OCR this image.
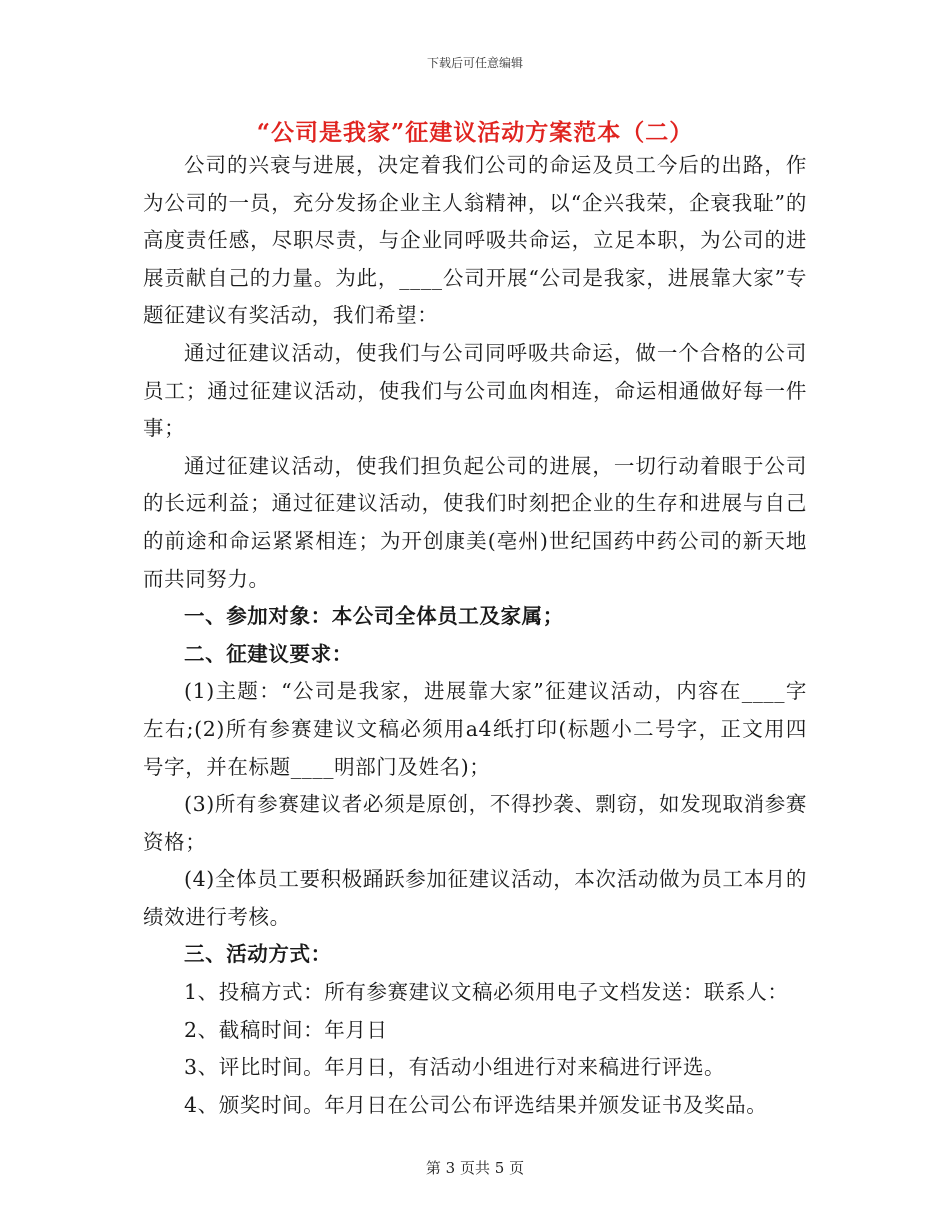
下载后可任意编辑
“公司是我家”征建议活动方案范本（二）

公司的兴衰与进展，决定着我们公司的命运及员工今后的出路，作为公司的一员，充分发扬企业主人翁精神，以“企兴我荣，企衰我耻”的高度责任感，尽职尽责，与企业同呼吸共命运，立足本职，为公司的进展贡献自己的力量。为此，____公司开展“公司是我家，进展靠大家”专题征建议有奖活动，我们希望：

通过征建议活动，使我们与公司同呼吸共命运，做一个合格的公司员工；通过征建议活动，使我们与公司血肉相连，命运相通做好每一件事；

通过征建议活动，使我们担负起公司的进展，一切行动着眼于公司的长远利益；通过征建议活动，使我们时刻把企业的生存和进展与自己的前途和命运紧紧相连；为开创康美(亳州)世纪国药中药公司的新天地而共同努力。

一、参加对象：本公司全体员工及家属；

二、征建议要求：

(1)主题：“公司是我家，进展靠大家”征建议活动，内容在____字左右;(2)所有参赛建议文稿必须用a4纸打印(标题小二号字，正文用四号字，并在标题____明部门及姓名)；

(3)所有参赛建议者必须是原创，不得抄袭、剽窃，如发现取消参赛资格；

(4)全体员工要积极踊跃参加征建议活动，本次活动做为员工本月的绩效进行考核。

三、活动方式：

1、投稿方式：所有参赛建议文稿必须用电子文档发送：联系人：

2、截稿时间：年月日

3、评比时间。年月日，有活动小组进行对来稿进行评选。

4、颁奖时间。年月日在公司公布评选结果并颁发证书及奖品。

第 3 页共 5 页
